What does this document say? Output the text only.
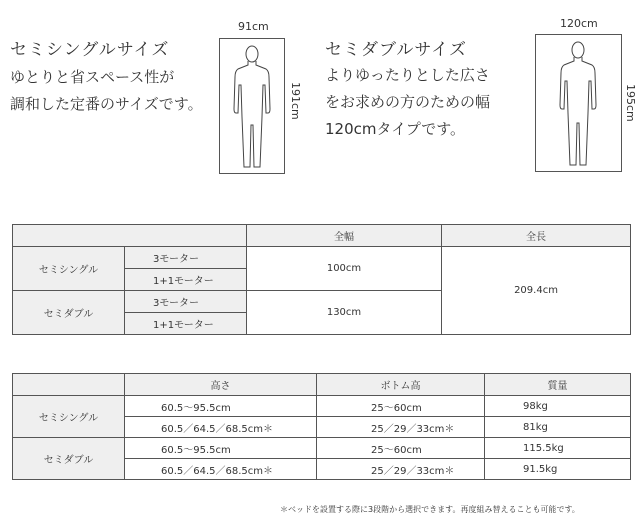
セミシングルサイズ
ゆとりと省スペース性が
調和した定番のサイズです。
91cm
191cm
セミダブルサイズ
よりゆったりとした広さ
をお求めの方のための幅
120cmタイプです。
120cm
195cm
		全幅	全長
セミシングル	3モーター	100cm	209.4cm
	1+1モーター		
セミダブル	3モーター	130cm	
	1+1モーター		
	高さ	ボトム高	質量
セミシングル	60.5〜95.5cm	25〜60cm	98kg
	60.5／64.5／68.5cm＊	25／29／33cm＊	81kg
セミダブル	60.5〜95.5cm	25〜60cm	115.5kg
	60.5／64.5／68.5cm＊	25／29／33cm＊	91.5kg
＊ベッドを設置する際に3段階から選択できます。再度組み替えることも可能です。
